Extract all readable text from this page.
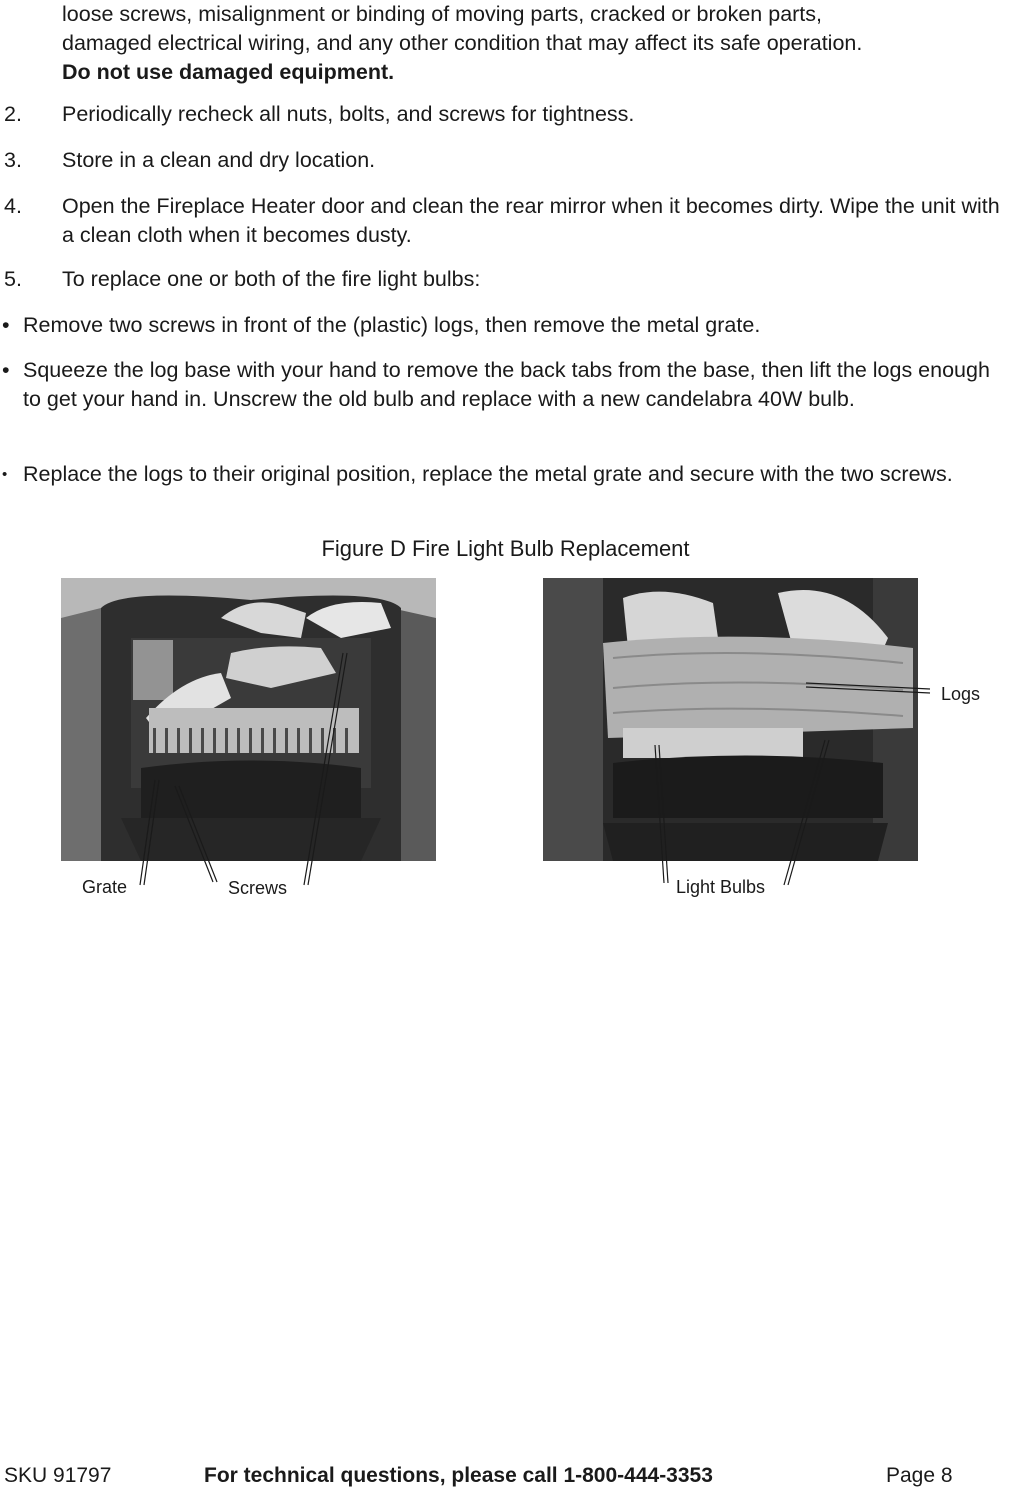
loose screws, misalignment or binding of moving parts, cracked or broken parts,
damaged electrical wiring, and any other condition that may affect its safe operation.
Do not use damaged equipment.
2. Periodically recheck all nuts, bolts, and screws for tightness.
3. Store in a clean and dry location.
4. Open the Fireplace Heater door and clean the rear mirror when it becomes dirty. Wipe the unit with a clean cloth when it becomes dusty.
5. To replace one or both of the fire light bulbs:
• Remove two screws in front of the (plastic) logs, then remove the metal grate.
• Squeeze the log base with your hand to remove the back tabs from the base, then lift the logs enough to get your hand in. Unscrew the old bulb and replace with a new candelabra 40W bulb.
• Replace the logs to their original position, replace the metal grate and secure with the two screws.
Figure D Fire Light Bulb Replacement
Grate	Screws
Logs
Light Bulbs
SKU 91797	For technical questions, please call 1-800-444-3353	Page 8
